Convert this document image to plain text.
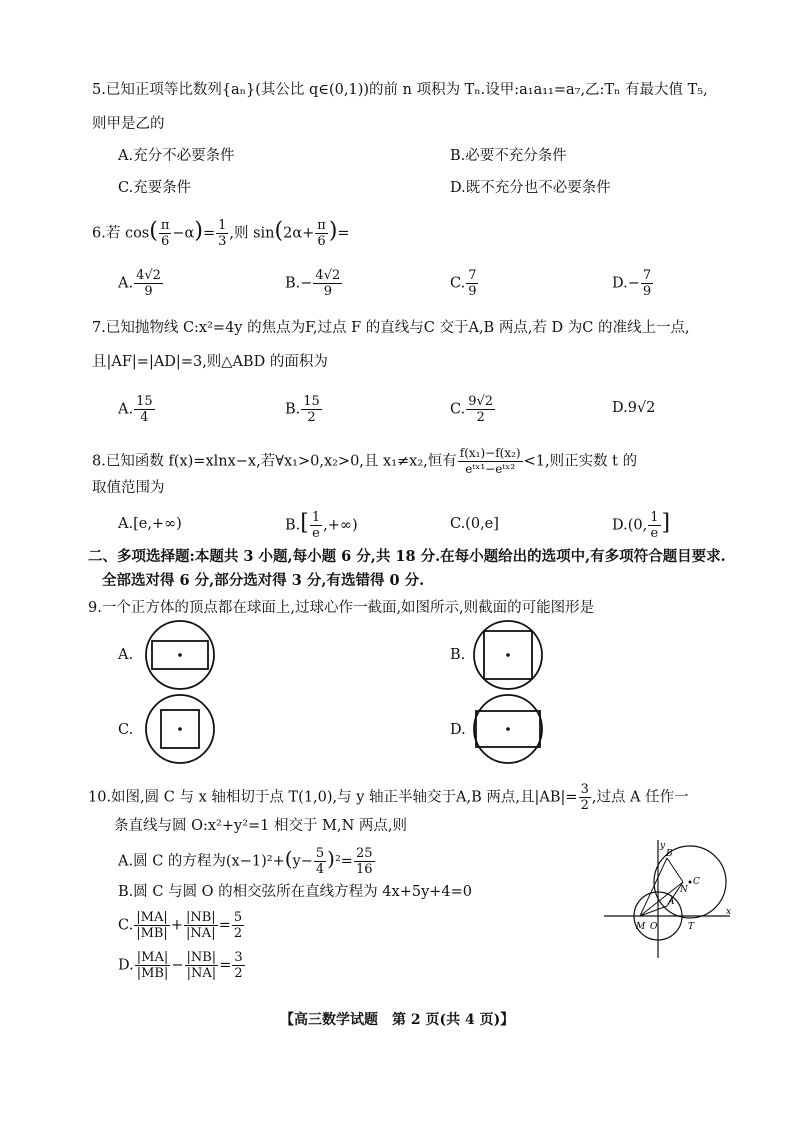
5.已知正项等比数列{aₙ}(其公比 q∈(0,1))的前 n 项积为 Tₙ.设甲:a₁a₁₁=a₇,乙:Tₙ 有最大值 T₅,
则甲是乙的
A.充分不必要条件	B.必要不充分条件
C.充要条件	D.既不充分也不必要条件
6.若 $\cos( \frac{\pi}{6} -\alpha)= \frac{1}{3}$ ,则 $\sin(2\alpha+ \frac{\pi}{6}$ )=
A. $\frac{4√2}{9}$	$B.- \frac{4√2}{9}$	C. $\frac{7}{9}$	$D.- \frac{7}{9}$
7.已知抛物线 C:x²=4y 的焦点为F,过点 F 的直线与C 交于A,B 两点,若 D 为C 的准线上一点,
且|AF|=|AD|=3,则△ABD 的面积为
A. $\frac{15}{4}$	B. $\frac{15}{2}$	C. $\frac{9√2}{2}$	D.9√2
8.已知函数 f(x)=xlnx−x,若∀x₁>0,x₂>0,且 x₁≠x₂,恒有 $\frac{\text{f(x₁)−f(x₂)}}{\text{eᵗˣ¹−eᵗˣ²}} <1$,则正实数 t 的
取值范围为
A.[e,+∞)	$B.[ \frac{1}{e}$ ,+∞)	C.(0,e]	D.(0, $\frac{1}{e}$ ]
二、多项选择题:本题共 3 小题,每小题 6 分,共 18 分.在每小题给出的选项中,有多项符合题目要求.
全部选对得 6 分,部分选对得 3 分,有选错得 0 分.
9.一个正方体的顶点都在球面上,过球心作一截面,如图所示,则截面的可能图形是
A.	B.
C.	D.
10.如图,圆 C 与 x 轴相切于点 T(1,0),与 y 轴正半轴交于A,B 两点,且$|AB|= \frac{3}{2}$ ,过点 A 任作一
条直线与圆 O:x²+y²=1 相交于 M,N 两点,则
A.圆 C 的方程为$(x-1)^2+(y- \frac{5}{4} )^2= \frac{25}{16}$
B.圆 C 与圆 O 的相交弦所在直线方程为 4x+5y+4=0
C. $\frac{|MA|}{|MB|} + \frac{|NB|}{|NA|} = \frac{5}{2}$
D. $\frac{|MA|}{|MB|} - \frac{|NB|}{|NA|} = \frac{3}{2}$
y
x
B
N
C
A
M O	T
【高三数学试题　第 2 页(共 4 页)】
